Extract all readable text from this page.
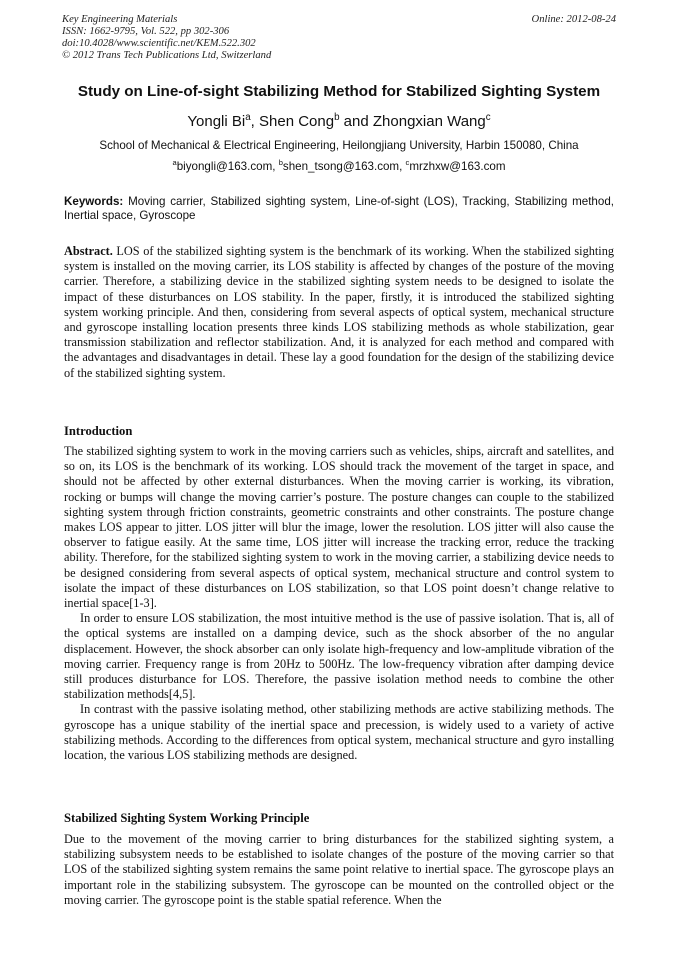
Key Engineering Materials
ISSN: 1662-9795, Vol. 522, pp 302-306
doi:10.4028/www.scientific.net/KEM.522.302
© 2012 Trans Tech Publications Ltd, Switzerland
Online: 2012-08-24
Study on Line-of-sight Stabilizing Method for Stabilized Sighting System
Yongli Bi$^a$, Shen Cong$^b$ and Zhongxian Wang$^c$
School of Mechanical & Electrical Engineering, Heilongjiang University, Harbin 150080, China
$^a$biyongli@163.com, $^b$shen_tsong@163.com, $^c$mrzhxw@163.com
Keywords: Moving carrier, Stabilized sighting system, Line-of-sight (LOS), Tracking, Stabilizing method, Inertial space, Gyroscope

Abstract. LOS of the stabilized sighting system is the benchmark of its working. When the stabilized sighting system is installed on the moving carrier, its LOS stability is affected by changes of the posture of the moving carrier. Therefore, a stabilizing device in the stabilized sighting system needs to be designed to isolate the impact of these disturbances on LOS stability. In the paper, firstly, it is introduced the stabilized sighting system working principle. And then, considering from several aspects of optical system, mechanical structure and gyroscope installing location presents three kinds LOS stabilizing methods as whole stabilization, gear transmission stabilization and reflector stabilization. And, it is analyzed for each method and compared with the advantages and disadvantages in detail. These lay a good foundation for the design of the stabilizing device of the stabilized sighting system.

Introduction

The stabilized sighting system to work in the moving carriers such as vehicles, ships, aircraft and satellites, and so on, its LOS is the benchmark of its working. LOS should track the movement of the target in space, and should not be affected by other external disturbances. When the moving carrier is working, its vibration, rocking or bumps will change the moving carrier’s posture. The posture changes can couple to the stabilized sighting system through friction constraints, geometric constraints and other constraints. The posture change makes LOS appear to jitter. LOS jitter will blur the image, lower the resolution. LOS jitter will also cause the observer to fatigue easily. At the same time, LOS jitter will increase the tracking error, reduce the tracking ability. Therefore, for the stabilized sighting system to work in the moving carrier, a stabilizing device needs to be designed considering from several aspects of optical system, mechanical structure and control system to isolate the impact of these disturbances on LOS stabilization, so that LOS point doesn’t change relative to inertial space[1-3].

In order to ensure LOS stabilization, the most intuitive method is the use of passive isolation. That is, all of the optical systems are installed on a damping device, such as the shock absorber of the no angular displacement. However, the shock absorber can only isolate high-frequency and low-amplitude vibration of the moving carrier. Frequency range is from 20Hz to 500Hz. The low-frequency vibration after damping device still produces disturbance for LOS. Therefore, the passive isolation method needs to combine the other stabilization methods[4,5].

In contrast with the passive isolating method, other stabilizing methods are active stabilizing methods. The gyroscope has a unique stability of the inertial space and precession, is widely used to a variety of active stabilizing methods. According to the differences from optical system, mechanical structure and gyro installing location, the various LOS stabilizing methods are designed.

Stabilized Sighting System Working Principle

Due to the movement of the moving carrier to bring disturbances for the stabilized sighting system, a stabilizing subsystem needs to be established to isolate changes of the posture of the moving carrier so that LOS of the stabilized sighting system remains the same point relative to inertial space. The gyroscope plays an important role in the stabilizing subsystem. The gyroscope can be mounted on the controlled object or the moving carrier. The gyroscope point is the stable spatial reference. When the
